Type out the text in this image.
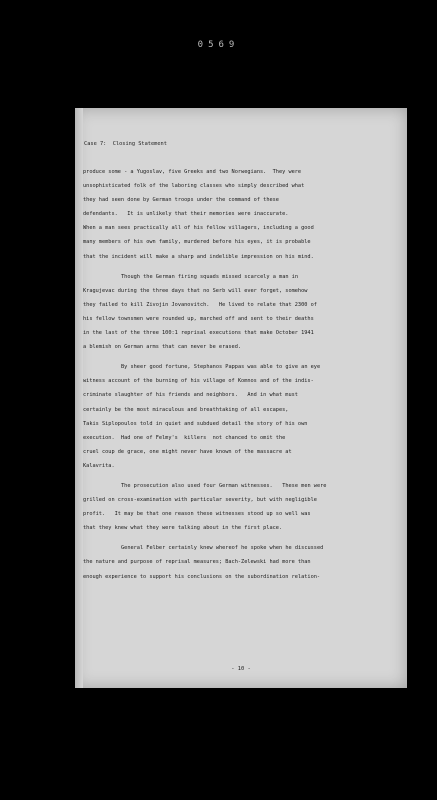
0569
Case 7:  Closing Statement
produce some - a Yugoslav, five Greeks and two Norwegians.  They were
unsophisticated folk of the laboring classes who simply described what
they had seen done by German troops under the command of these
defendants.   It is unlikely that their memories were inaccurate.
When a man sees practically all of his fellow villagers, including a good
many members of his own family, murdered before his eyes, it is probable
that the incident will make a sharp and indelible impression on his mind.
Though the German firing squads missed scarcely a man in
Kragujevac during the three days that no Serb will ever forget, somehow
they failed to kill Zivojin Jovanovitch.   He lived to relate that 2300 of
his fellow townsmen were rounded up, marched off and sent to their deaths
in the last of the three 100:1 reprisal executions that make October 1941
a blemish on German arms that can never be erased.
By sheer good fortune, Stephanos Pappas was able to give an eye
witness account of the burning of his village of Komnos and of the indis-
criminate slaughter of his friends and neighbors.   And in what must
certainly be the most miraculous and breathtaking of all escapes,
Takis Siplopoulos told in quiet and subdued detail the story of his own
execution.  Had one of Felmy's  killers  not chanced to omit the
cruel coup de grace, one might never have known of the massacre at
Kalavrita.
The prosecution also used four German witnesses.   These men were
grilled on cross-examination with particular severity, but with negligible
profit.   It may be that one reason these witnesses stood up so well was
that they knew what they were talking about in the first place.
General Felber certainly knew whereof he spoke when he discussed
the nature and purpose of reprisal measures; Bach-Zelewski had more than
enough experience to support his conclusions on the subordination relation-
- 10 -
